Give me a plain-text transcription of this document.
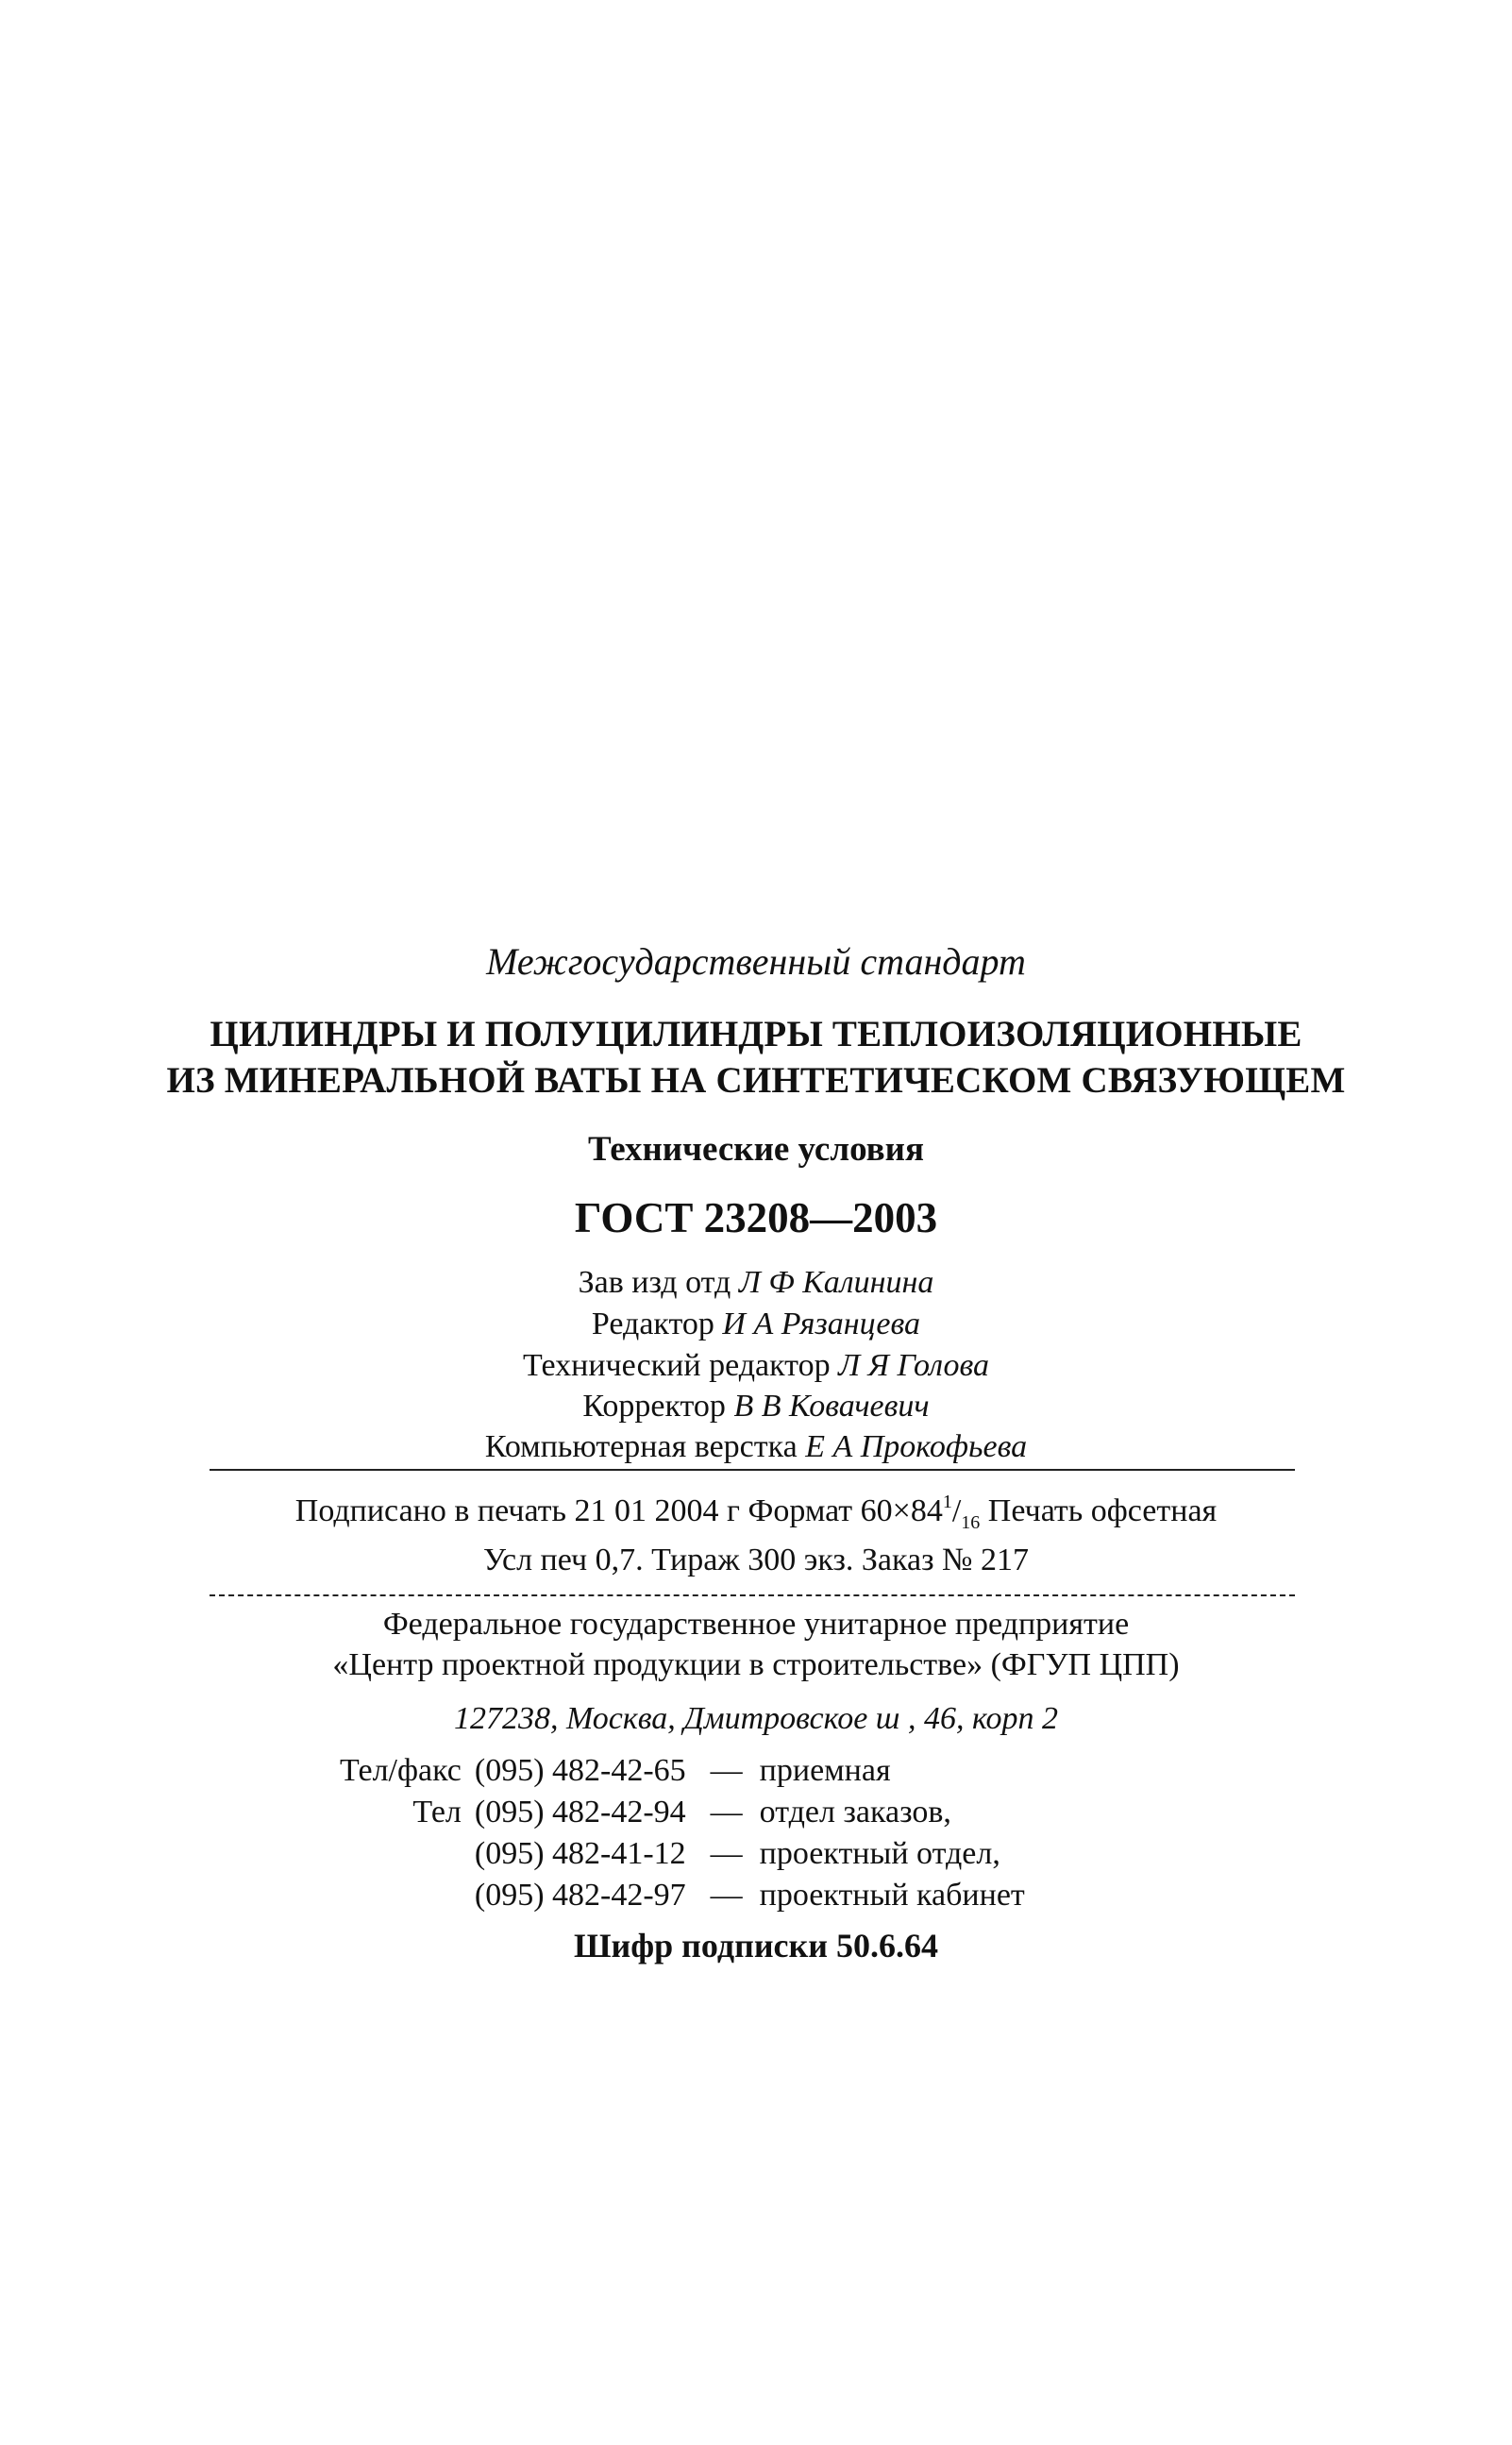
Межгосударственный стандарт
ЦИЛИНДРЫ И ПОЛУЦИЛИНДРЫ ТЕПЛОИЗОЛЯЦИОННЫЕ
ИЗ МИНЕРАЛЬНОЙ ВАТЫ НА СИНТЕТИЧЕСКОМ СВЯЗУЮЩЕМ
Технические условия
ГОСТ 23208—2003
Зав изд отд Л Ф Калинина
Редактор И А Рязанцева
Технический редактор Л Я Голова
Корректор В В Ковачевич
Компьютерная верстка Е А Прокофьева
Подписано в печать 21 01 2004 г Формат $60\times 84^1/_{16}$ Печать офсетная
Усл печ 0,7. Тираж 300 экз. Заказ № 217
Федеральное государственное унитарное предприятие
«Центр проектной продукции в строительстве» (ФГУП ЦПП)
127238, Москва, Дмитровское ш , 46, корп 2
Тел/факс	(095) 482-42-65	—	приемная
Тел	(095) 482-42-94	—	отдел заказов,
	(095) 482-41-12	—	проектный отдел,
	(095) 482-42-97	—	проектный кабинет
Шифр подписки 50.6.64
